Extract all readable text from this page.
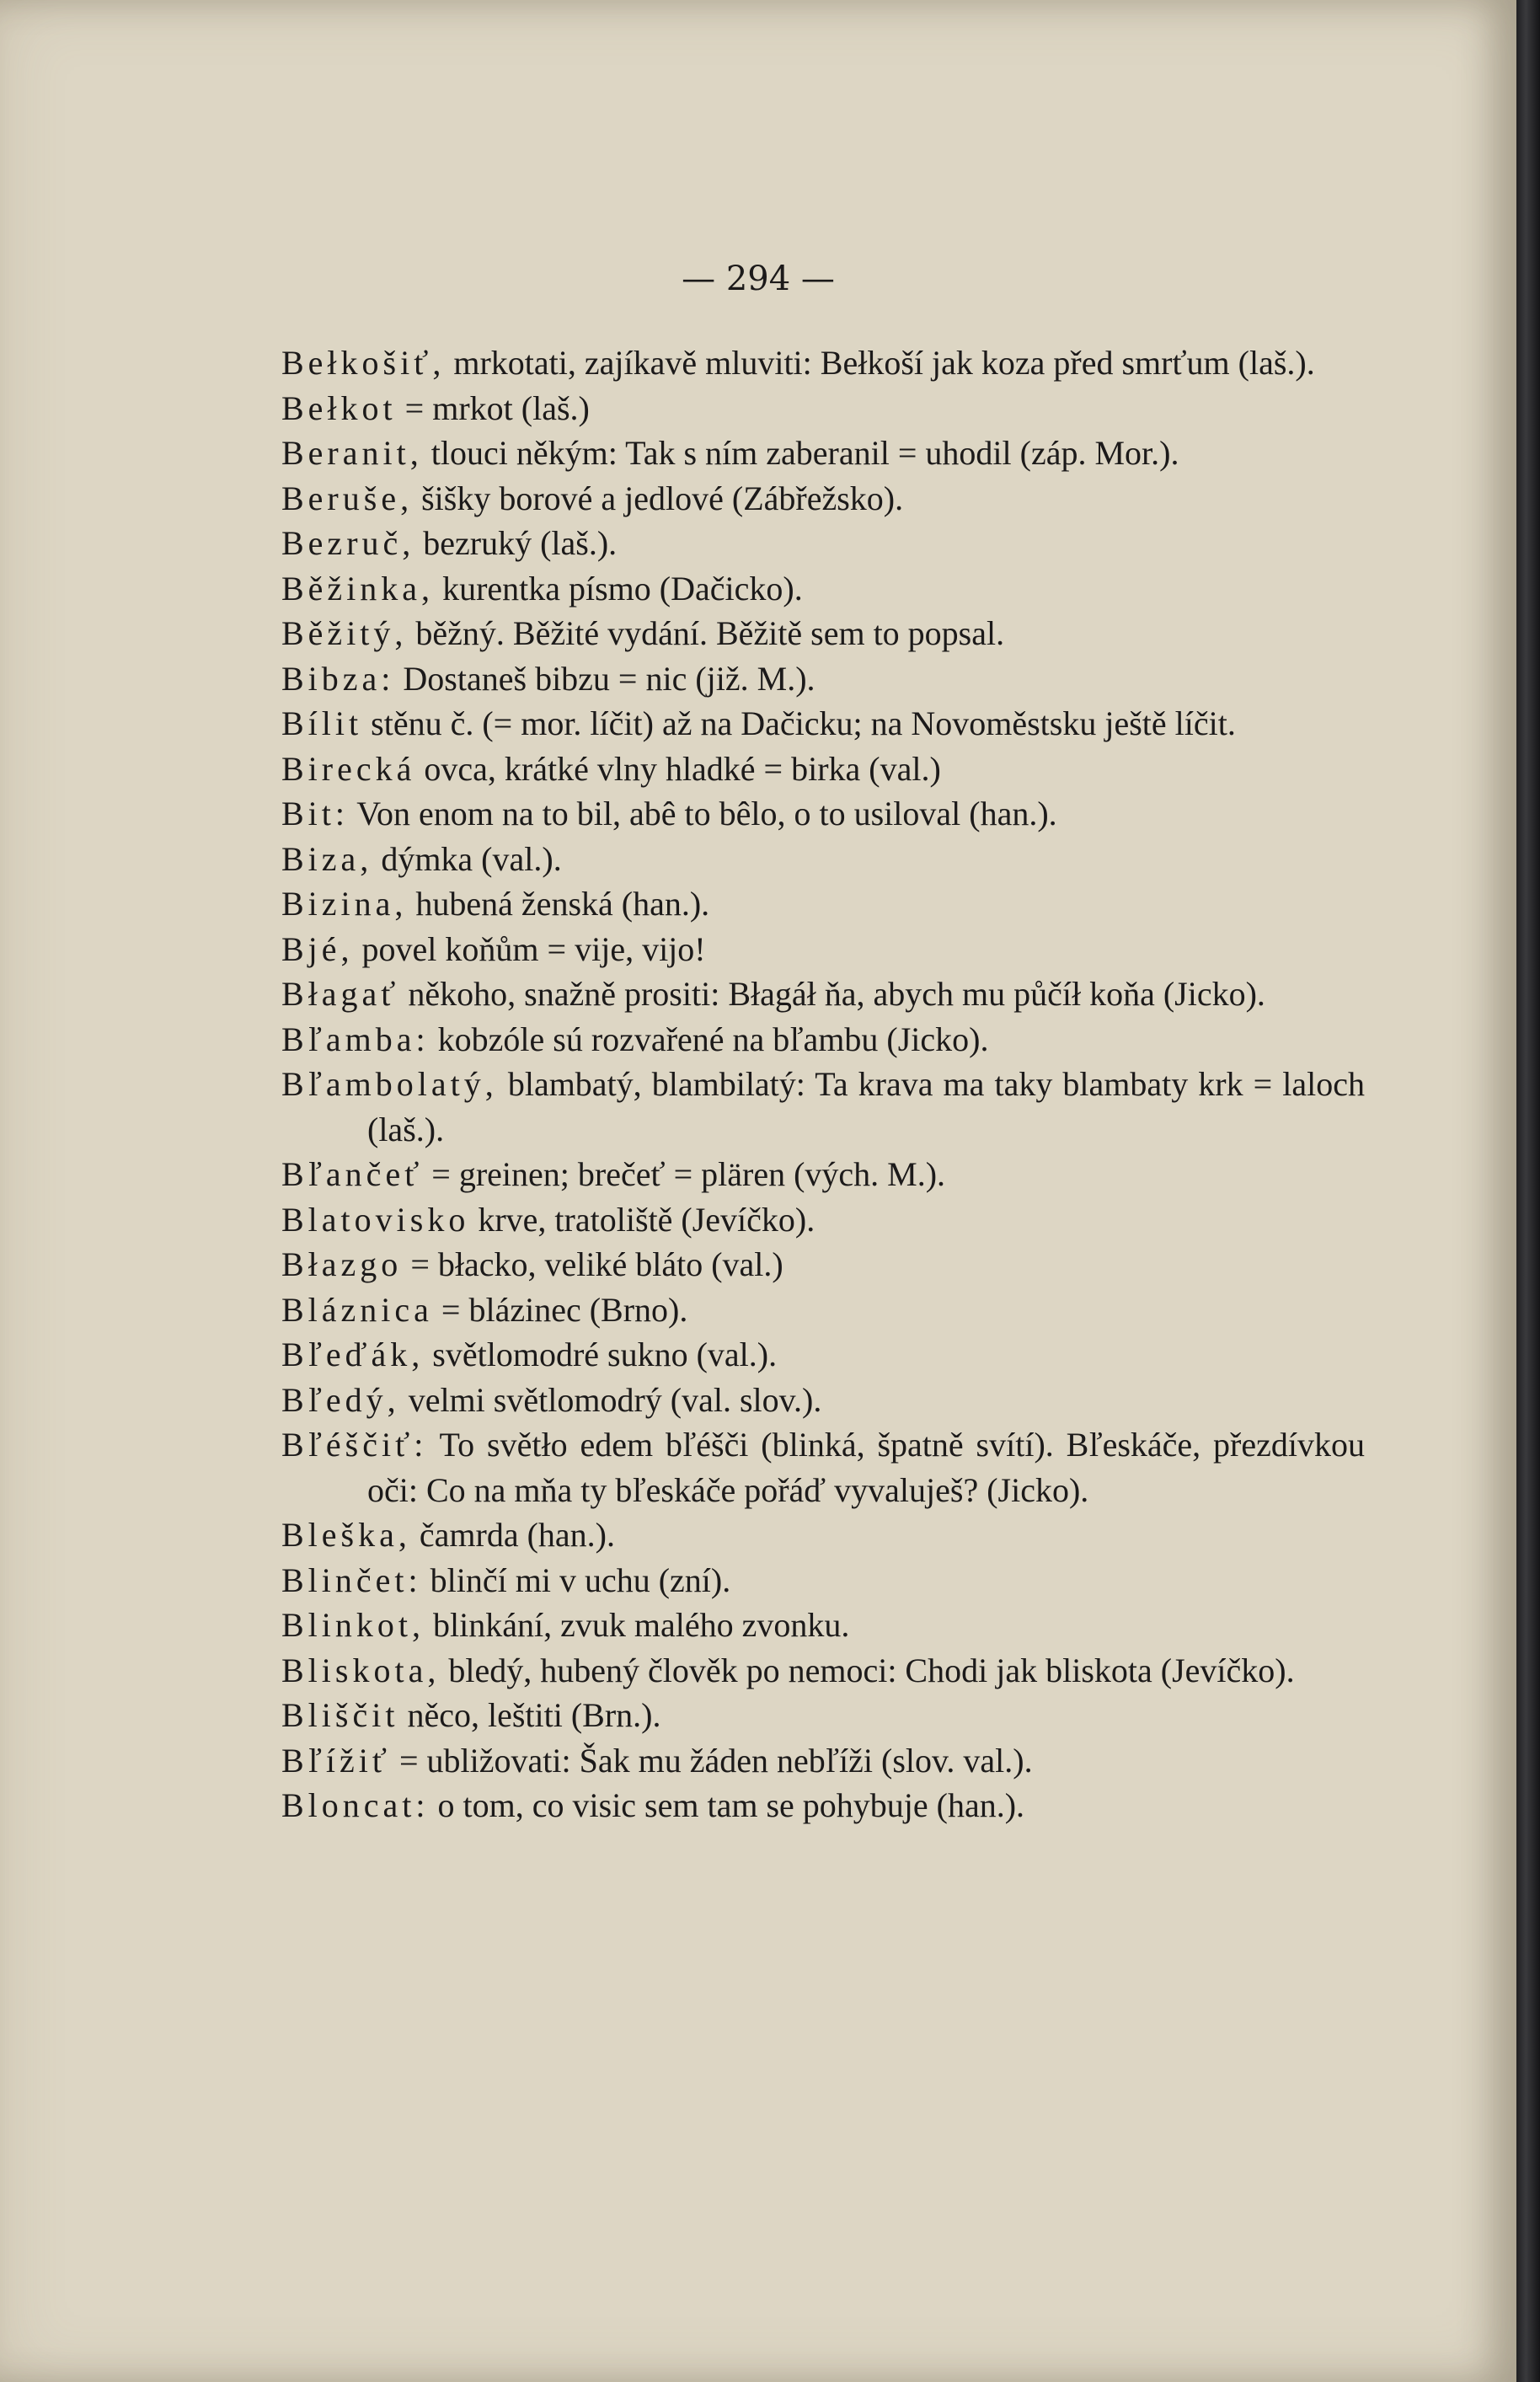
— 294 —
Bełkošiť, mrkotati, zajíkavě mluviti: Bełkoší jak koza před smrťum (laš.).
Bełkot = mrkot (laš.)
Beranit, tlouci někým: Tak s ním zaberanil = uhodil (záp. Mor.).
Beruše, šišky borové a jedlové (Zábřežsko).
Bezruč, bezruký (laš.).
Běžinka, kurentka písmo (Dačicko).
Běžitý, běžný. Běžité vydání. Běžitě sem to popsal.
Bibza: Dostaneš bibzu = nic (již. M.).
Bílit stěnu č. (= mor. líčit) až na Dačicku; na Novoměstsku ještě líčit.
Birecká ovca, krátké vlny hladké = birka (val.)
Bit: Von enom na to bil, abê to bêlo, o to usiloval (han.).
Biza, dýmka (val.).
Bizina, hubená ženská (han.).
Bjé, povel koňům = vije, vijo!
Błagať někoho, snažně prositi: Błagáł ňa, abych mu půčíł koňa (Jicko).
Bľamba: kobzóle sú rozvařené na bľambu (Jicko).
Bľambolatý, blambatý, blambilatý: Ta krava ma taky blambaty krk = laloch (laš.).
Bľančeť = greinen; brečeť = plären (vých. M.).
Blatovisko krve, tratoliště (Jevíčko).
Błazgo = błacko, veliké bláto (val.)
Bláznica = blázinec (Brno).
Bľeďák, světlomodré sukno (val.).
Bľedý, velmi světlomodrý (val. slov.).
Bľéščiť: To světło edem bľéšči (blinká, špatně svítí). Bľeskáče, přezdívkou oči: Co na mňa ty bľeskáče pořáď vyvaluješ? (Jicko).
Bleška, čamrda (han.).
Blinčet: blinčí mi v uchu (zní).
Blinkot, blinkání, zvuk malého zvonku.
Bliskota, bledý, hubený člověk po nemoci: Chodi jak bliskota (Jevíčko).
Bliščit něco, leštiti (Brn.).
Bľížiť = ubližovati: Šak mu žáden nebľíži (slov. val.).
Bloncat: o tom, co visic sem tam se pohybuje (han.).
